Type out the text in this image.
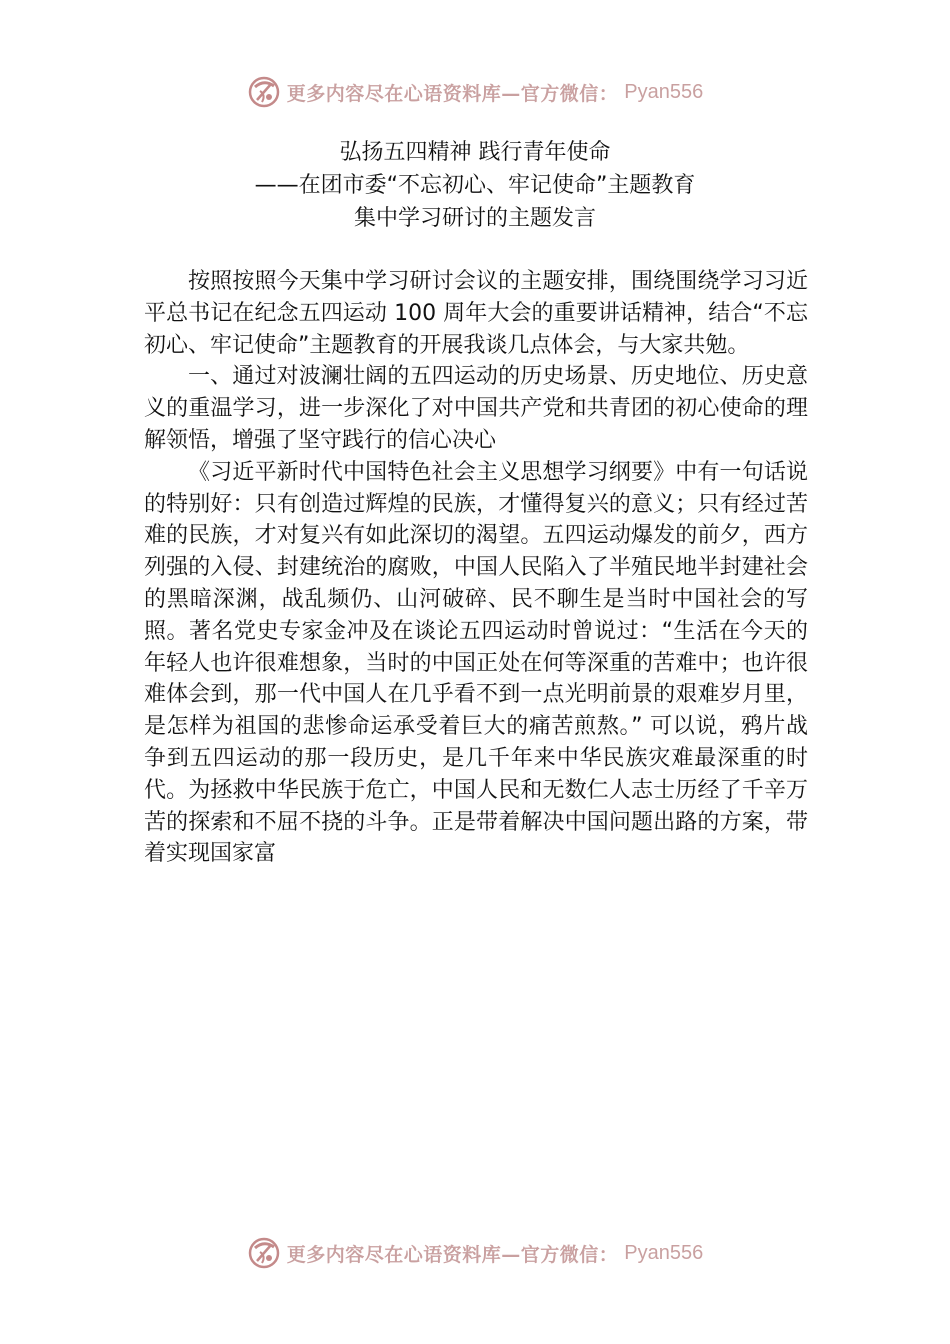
更多内容尽在心语资料库—官方微信： Pyan556
弘扬五四精神 践行青年使命
——在团市委“不忘初心、牢记使命”主题教育
集中学习研讨的主题发言

按照按照今天集中学习研讨会议的主题安排，围绕围绕学习习近平总书记在纪念五四运动 100 周年大会的重要讲话精神，结合“不忘初心、牢记使命”主题教育的开展我谈几点体会，与大家共勉。

一、通过对波澜壮阔的五四运动的历史场景、历史地位、历史意义的重温学习，进一步深化了对中国共产党和共青团的初心使命的理解领悟，增强了坚守践行的信心决心

《习近平新时代中国特色社会主义思想学习纲要》中有一句话说的特别好：只有创造过辉煌的民族，才懂得复兴的意义；只有经过苦难的民族，才对复兴有如此深切的渴望。五四运动爆发的前夕，西方列强的入侵、封建统治的腐败，中国人民陷入了半殖民地半封建社会的黑暗深渊，战乱频仍、山河破碎、民不聊生是当时中国社会的写照。著名党史专家金冲及在谈论五四运动时曾说过：“生活在今天的年轻人也许很难想象，当时的中国正处在何等深重的苦难中；也许很难体会到，那一代中国人在几乎看不到一点光明前景的艰难岁月里，是怎样为祖国的悲惨命运承受着巨大的痛苦煎熬。” 可以说，鸦片战争到五四运动的那一段历史，是几千年来中华民族灾难最深重的时代。为拯救中华民族于危亡，中国人民和无数仁人志士历经了千辛万苦的探索和不屈不挠的斗争。正是带着解决中国问题出路的方案，带着实现国家富

更多内容尽在心语资料库—官方微信： Pyan556
